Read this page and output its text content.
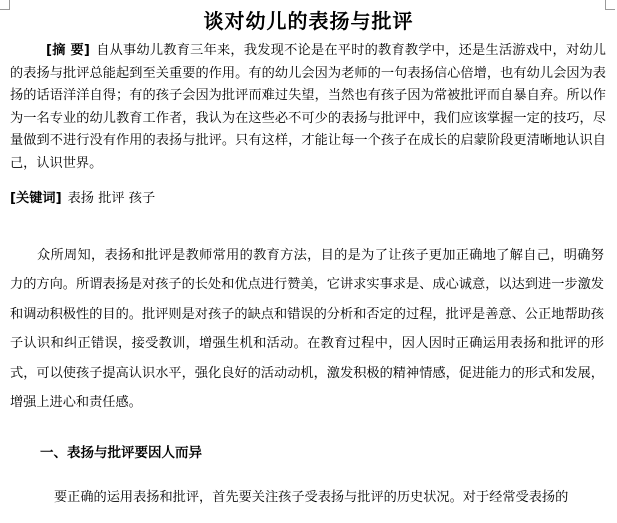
谈对幼儿的表扬与批评
[摘 要] 自从事幼儿教育三年来，我发现不论是在平时的教育教学中，还是生活游戏中，对幼儿的表扬与批评总能起到至关重要的作用。有的幼儿会因为老师的一句表扬信心倍增，也有幼儿会因为表扬的话语洋洋自得；有的孩子会因为批评而难过失望，当然也有孩子因为常被批评而自暴自弃。所以作为一名专业的幼儿教育工作者，我认为在这些必不可少的表扬与批评中，我们应该掌握一定的技巧，尽量做到不进行没有作用的表扬与批评。只有这样，才能让每一个孩子在成长的启蒙阶段更清晰地认识自己，认识世界。
[关键词] 表扬 批评 孩子
众所周知，表扬和批评是教师常用的教育方法，目的是为了让孩子更加正确地了解自己，明确努力的方向。所谓表扬是对孩子的长处和优点进行赞美，它讲求实事求是、成心诚意，以达到进一步激发和调动积极性的目的。批评则是对孩子的缺点和错误的分析和否定的过程，批评是善意、公正地帮助孩子认识和纠正错误，接受教训，增强生机和活动。在教育过程中，因人因时正确运用表扬和批评的形式，可以使孩子提高认识水平，强化良好的活动动机，激发积极的精神情感，促进能力的形式和发展，增强上进心和责任感。
一、表扬与批评要因人而异
要正确的运用表扬和批评，首先要关注孩子受表扬与批评的历史状况。对于经常受表扬的
